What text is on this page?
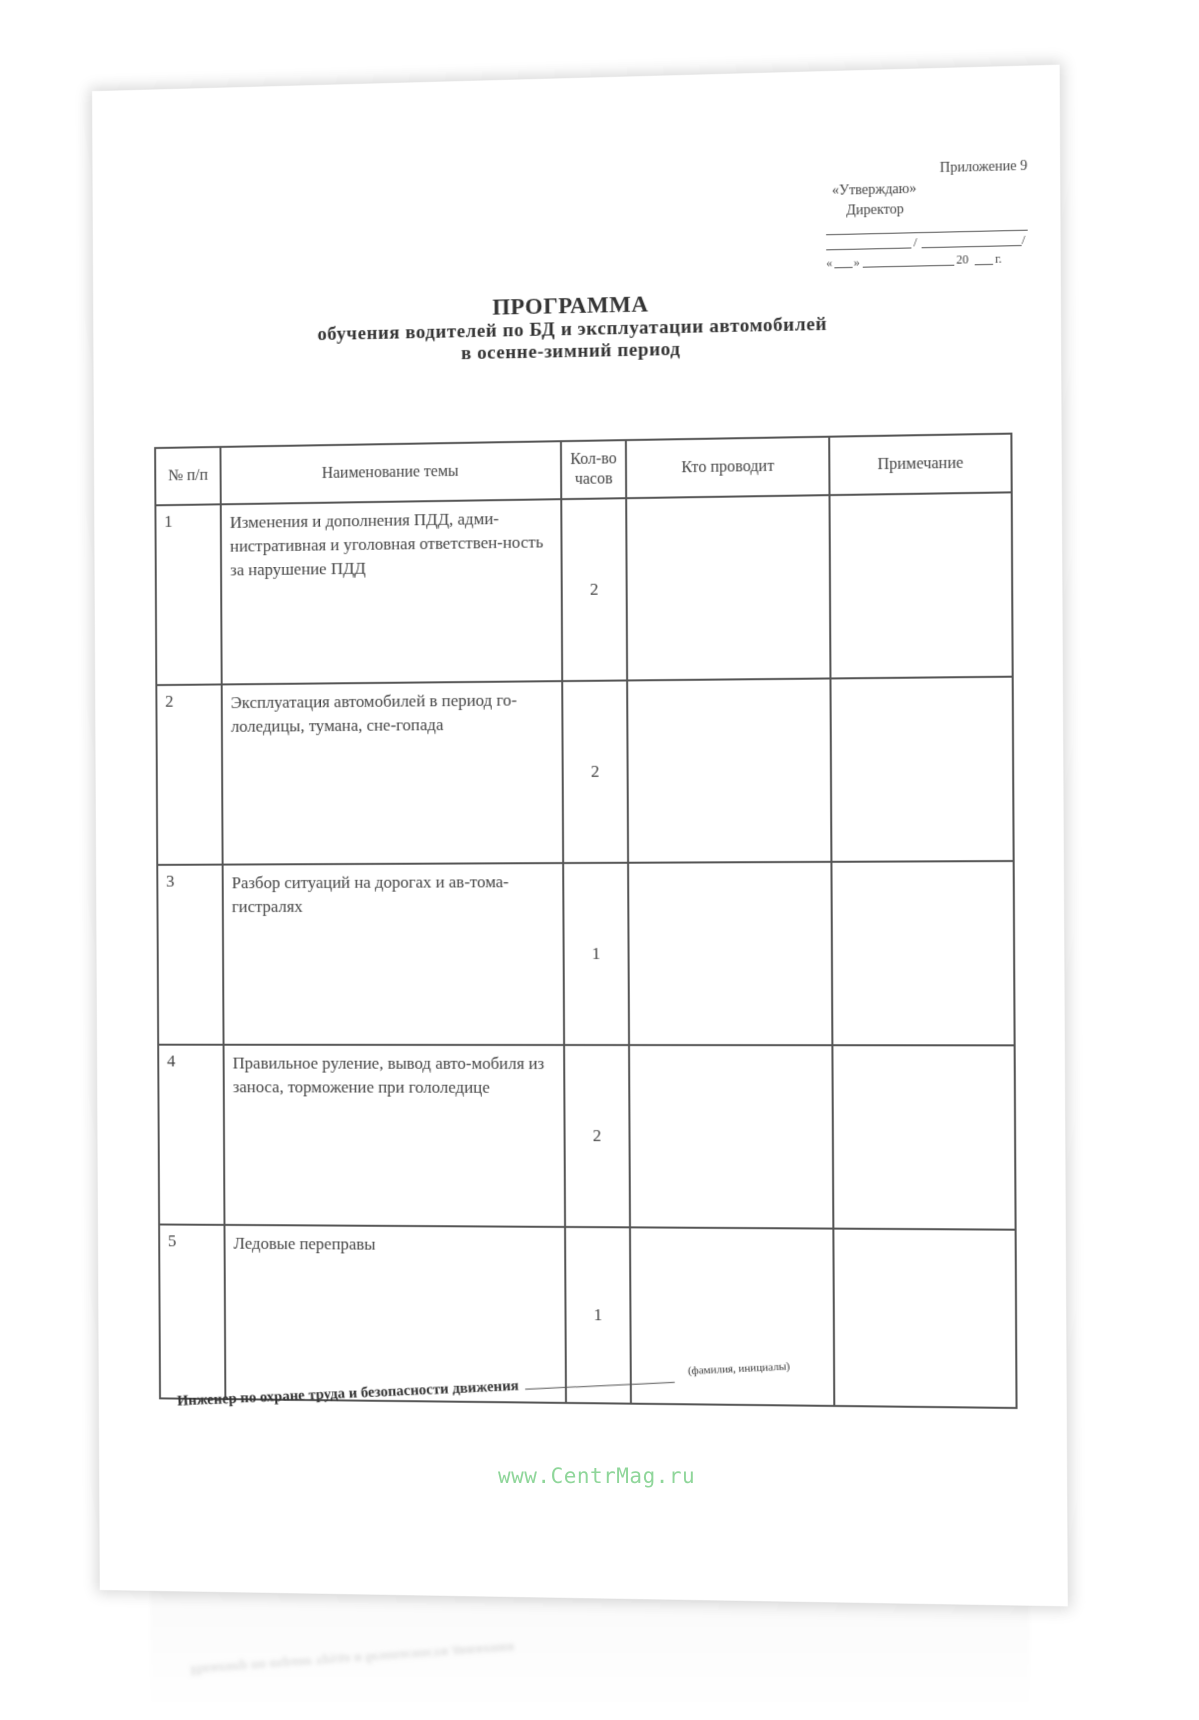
Инженер по охране труда и безопасности движения
Приложение 9
«Утверждаю»
Директор
/	/
« »	20 г.
ПРОГРАММА
обучения водителей по БД и эксплуатации автомобилей
в осенне-зимний период
№ п/п	Наименование темы	Кол-во часов	Кто проводит	Примечание
1	Изменения и дополнения ПДД, адми-нистративная и уголовная ответствен-ность за нарушение ПДД	2		
2	Эксплуатация автомобилей в период го-лоледицы, тумана, сне-гопада	2		
3	Разбор ситуаций на дорогах и ав-тома-гистралях	1		
4	Правильное руление, вывод авто-мобиля из заноса, торможение при гололедице	2		
5	Ледовые переправы	1		
Инженер по охране труда и безопасности движения$^{(фамилия, инициалы)}$
www.CentrMag.ru
